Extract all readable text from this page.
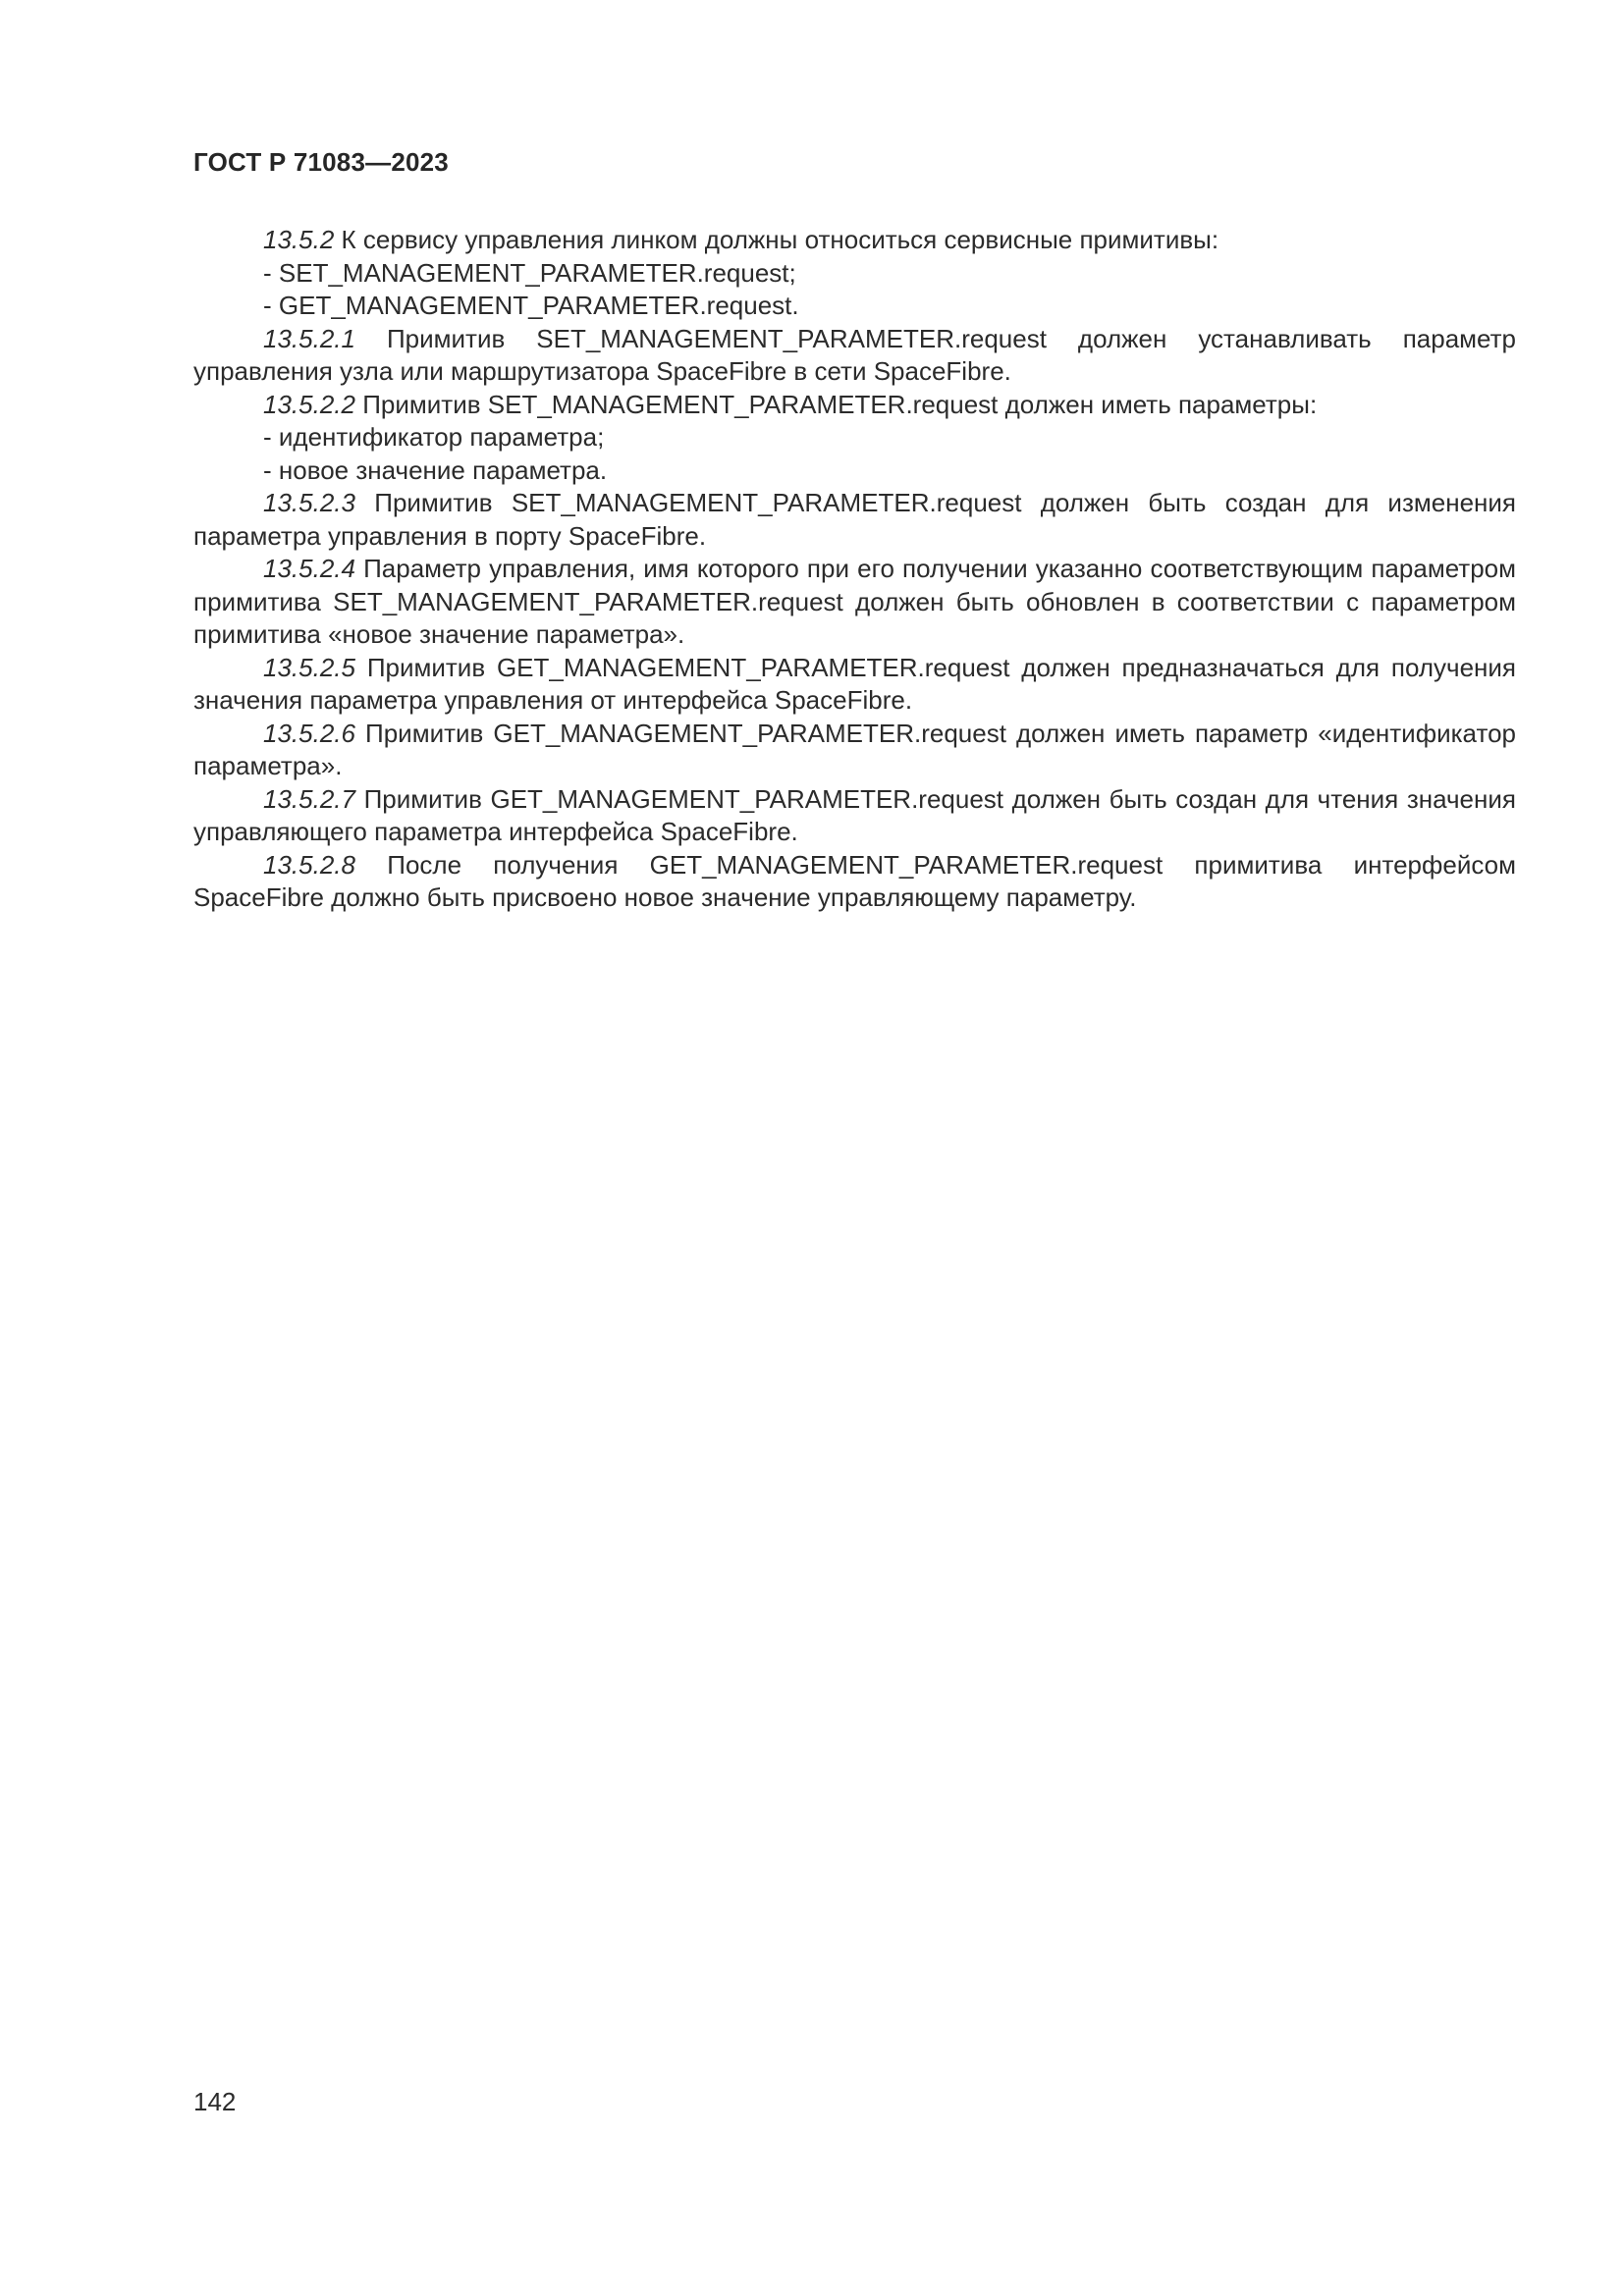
ГОСТ Р 71083—2023

13.5.2 К сервису управления линком должны относиться сервисные примитивы:

- SET_MANAGEMENT_PARAMETER.request;
- GET_MANAGEMENT_PARAMETER.request.

13.5.2.1 Примитив SET_MANAGEMENT_PARAMETER.request должен устанавливать параметр управления узла или маршрутизатора SpaceFibre в сети SpaceFibre.

13.5.2.2 Примитив SET_MANAGEMENT_PARAMETER.request должен иметь параметры:

- идентификатор параметра;
- новое значение параметра.

13.5.2.3 Примитив SET_MANAGEMENT_PARAMETER.request должен быть создан для изменения параметра управления в порту SpaceFibre.

13.5.2.4 Параметр управления, имя которого при его получении указанно соответствующим параметром примитива SET_MANAGEMENT_PARAMETER.request должен быть обновлен в соответствии с параметром примитива «новое значение параметра».

13.5.2.5 Примитив GET_MANAGEMENT_PARAMETER.request должен предназначаться для получения значения параметра управления от интерфейса SpaceFibre.

13.5.2.6 Примитив GET_MANAGEMENT_PARAMETER.request должен иметь параметр «идентификатор параметра».

13.5.2.7 Примитив GET_MANAGEMENT_PARAMETER.request должен быть создан для чтения значения управляющего параметра интерфейса SpaceFibre.

13.5.2.8 После получения GET_MANAGEMENT_PARAMETER.request примитива интерфейсом SpaceFibre должно быть присвоено новое значение управляющему параметру.

142
